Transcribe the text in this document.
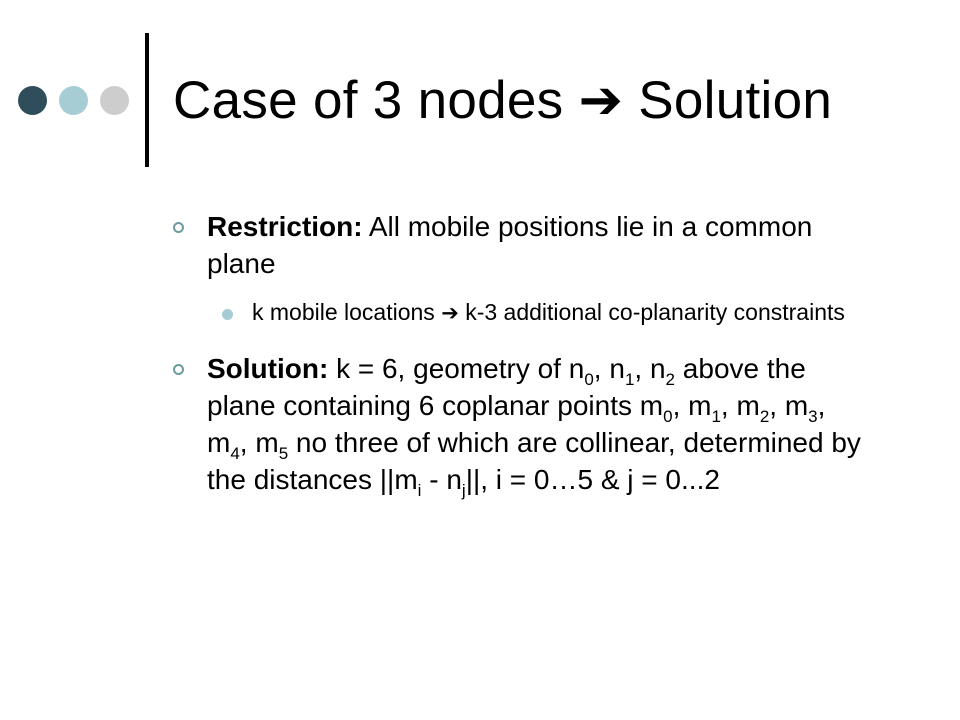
Case of 3 nodes ➔ Solution
Restriction: All mobile positions lie in a common plane
k mobile locations ➔ k-3 additional co-planarity constraints
Solution: k = 6, geometry of $n_0$, $n_1$, $n_2$ above the plane containing 6 coplanar points $m_0$, $m_1$, $m_2$, $m_3$, $m_4$, $m_5$ no three of which are collinear, determined by the distances $||m_i - n_j||$, i = 0…5 & j = 0...2
